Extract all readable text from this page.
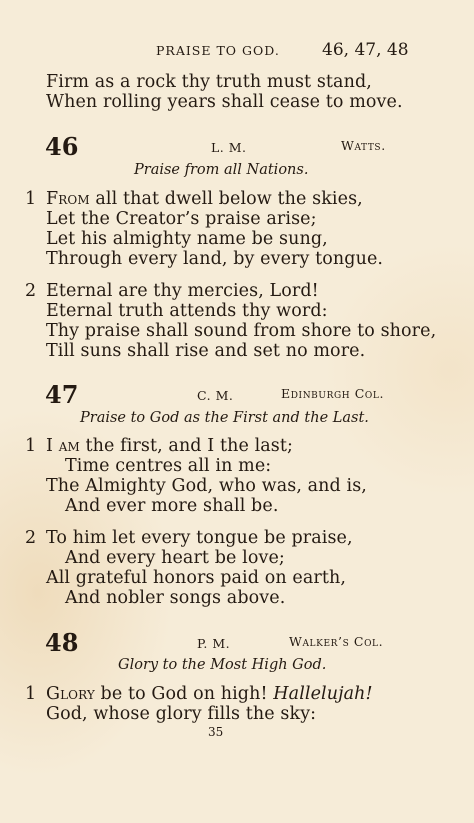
PRAISE TO GOD. 46, 47, 48
Firm as a rock thy truth must stand,
When rolling years shall cease to move.
46	L. M.	Watts.
Praise from all Nations.
1 From all that dwell below the skies,
Let the Creator’s praise arise;
Let his almighty name be sung,
Through every land, by every tongue.
2 Eternal are thy mercies, Lord!
Eternal truth attends thy word:
Thy praise shall sound from shore to shore,
Till suns shall rise and set no more.
47	C. M.	Edinburgh Col.
Praise to God as the First and the Last.
1 I am the first, and I the last;
Time centres all in me:
The Almighty God, who was, and is,
And ever more shall be.
2 To him let every tongue be praise,
And every heart be love;
All grateful honors paid on earth,
And nobler songs above.
48	P. M.	Walker’s Col.
Glory to the Most High God.
1 Glory be to God on high! Hallelujah!
God, whose glory fills the sky:
35
